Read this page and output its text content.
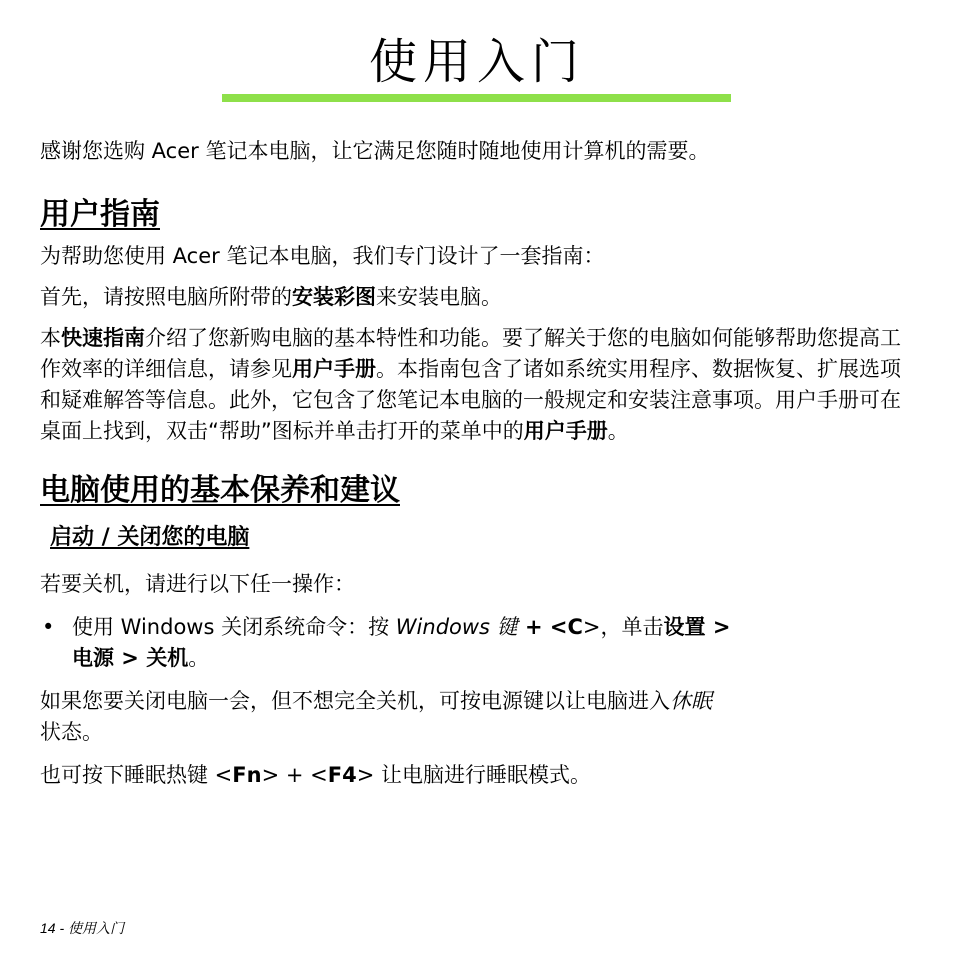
使用入门

感谢您选购 Acer 笔记本电脑，让它满足您随时随地使用计算机的需要。

用户指南

为帮助您使用 Acer 笔记本电脑，我们专门设计了一套指南：

首先，请按照电脑所附带的安装彩图来安装电脑。

本快速指南介绍了您新购电脑的基本特性和功能。要了解关于您的电脑如何能够帮助您提高工作效率的详细信息，请参见用户手册。本指南包含了诸如系统实用程序、数据恢复、扩展选项和疑难解答等信息。此外，它包含了您笔记本电脑的一般规定和安装注意事项。用户手册可在桌面上找到，双击“帮助”图标并单击打开的菜单中的用户手册。

电脑使用的基本保养和建议
启动 / 关闭您的电脑

若要关机，请进行以下任一操作：

• 使用 Windows 关闭系统命令：按 Windows 键 + <C>，单击设置 >
电源 > 关机。

如果您要关闭电脑一会，但不想完全关机，可按电源键以让电脑进入休眠
状态。

也可按下睡眠热键 <Fn> + <F4> 让电脑进行睡眠模式。

14 - 使用入门
